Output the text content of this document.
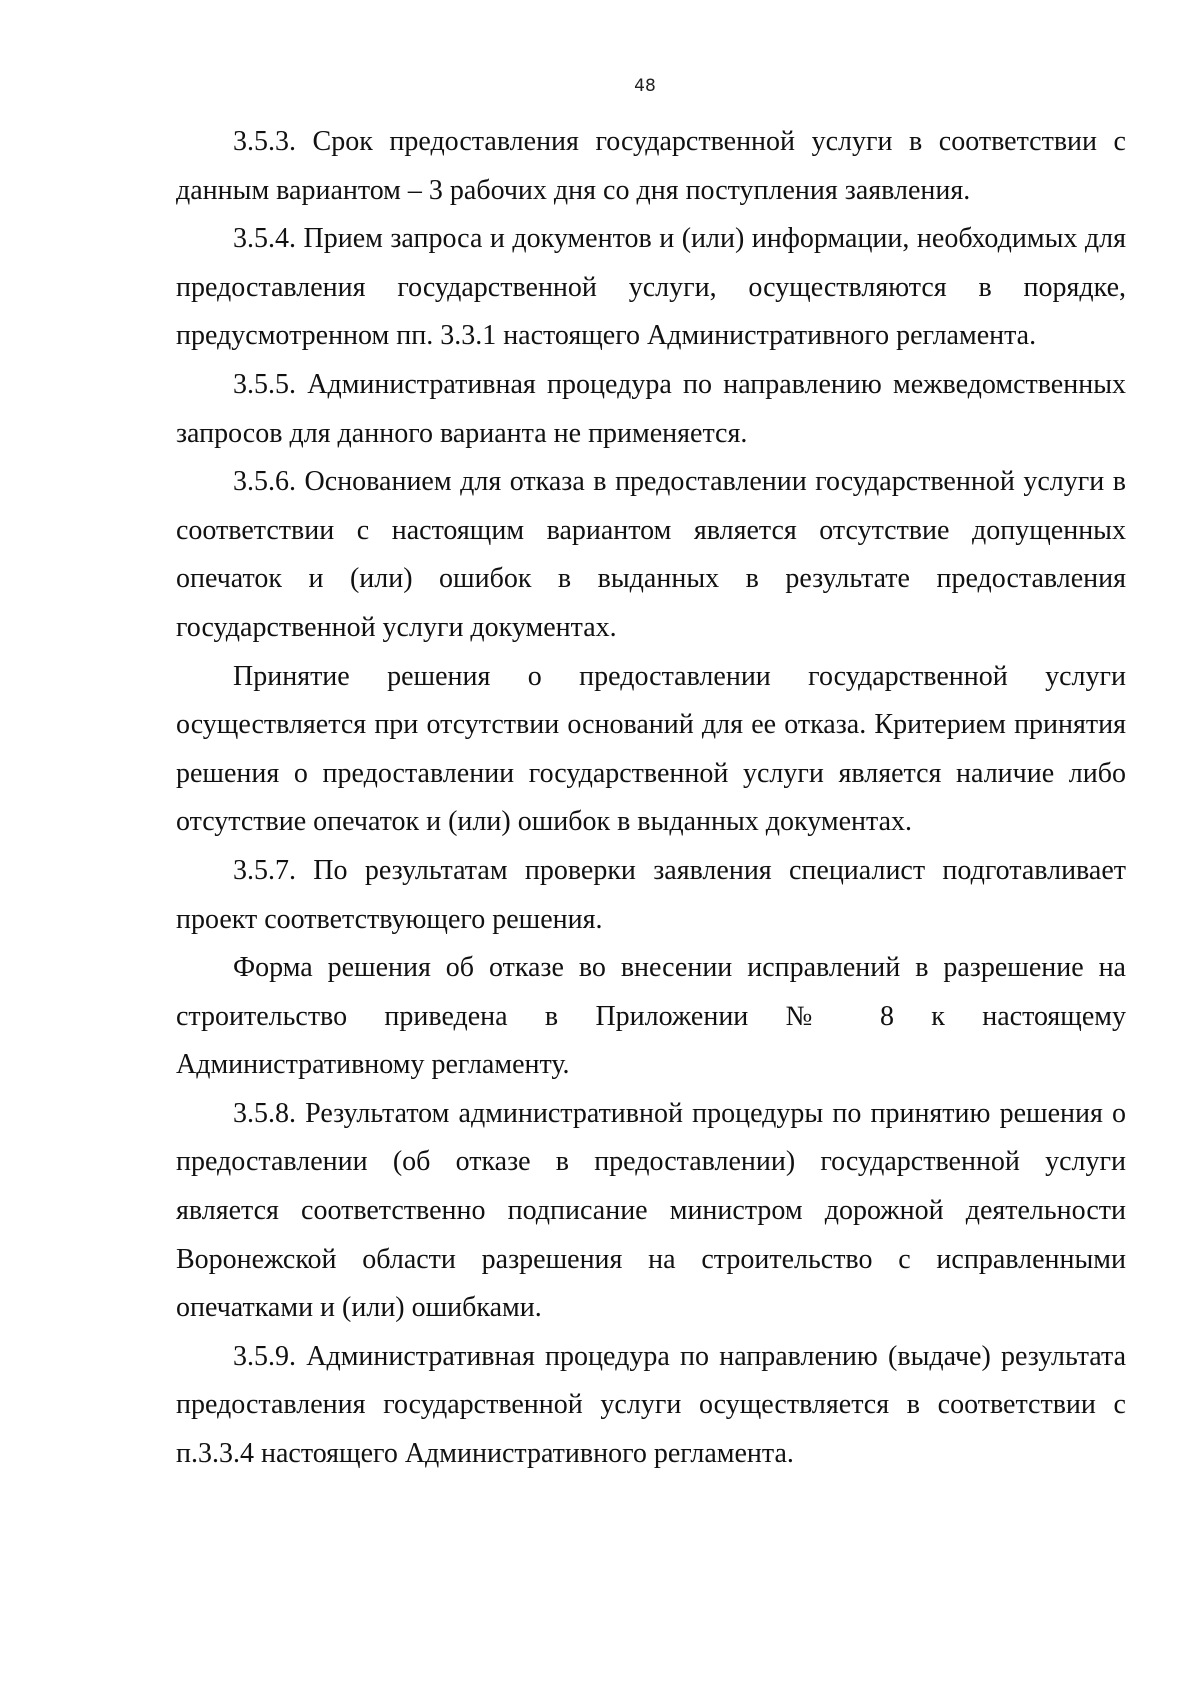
48

3.5.3. Срок предоставления государственной услуги в соответствии с данным вариантом – 3 рабочих дня со дня поступления заявления.

3.5.4. Прием запроса и документов и (или) информации, необходимых для предоставления государственной услуги, осуществляются в порядке, предусмотренном пп. 3.3.1 настоящего Административного регламента.

3.5.5. Административная процедура по направлению межведомственных запросов для данного варианта не применяется.

3.5.6. Основанием для отказа в предоставлении государственной услуги в соответствии с настоящим вариантом является отсутствие допущенных опечаток и (или) ошибок в выданных в результате предоставления государственной услуги документах.

Принятие решения о предоставлении государственной услуги осуществляется при отсутствии оснований для ее отказа. Критерием принятия решения о предоставлении государственной услуги является наличие либо отсутствие опечаток и (или) ошибок в выданных документах.

3.5.7. По результатам проверки заявления специалист подготавливает проект соответствующего решения.

Форма решения об отказе во внесении исправлений в разрешение на строительство приведена в Приложении № 8 к настоящему Административному регламенту.

3.5.8. Результатом административной процедуры по принятию решения о предоставлении (об отказе в предоставлении) государственной услуги является соответственно подписание министром дорожной деятельности Воронежской области разрешения на строительство с исправленными опечатками и (или) ошибками.

3.5.9. Административная процедура по направлению (выдаче) результата предоставления государственной услуги осуществляется в соответствии с п.3.3.4 настоящего Административного регламента.
